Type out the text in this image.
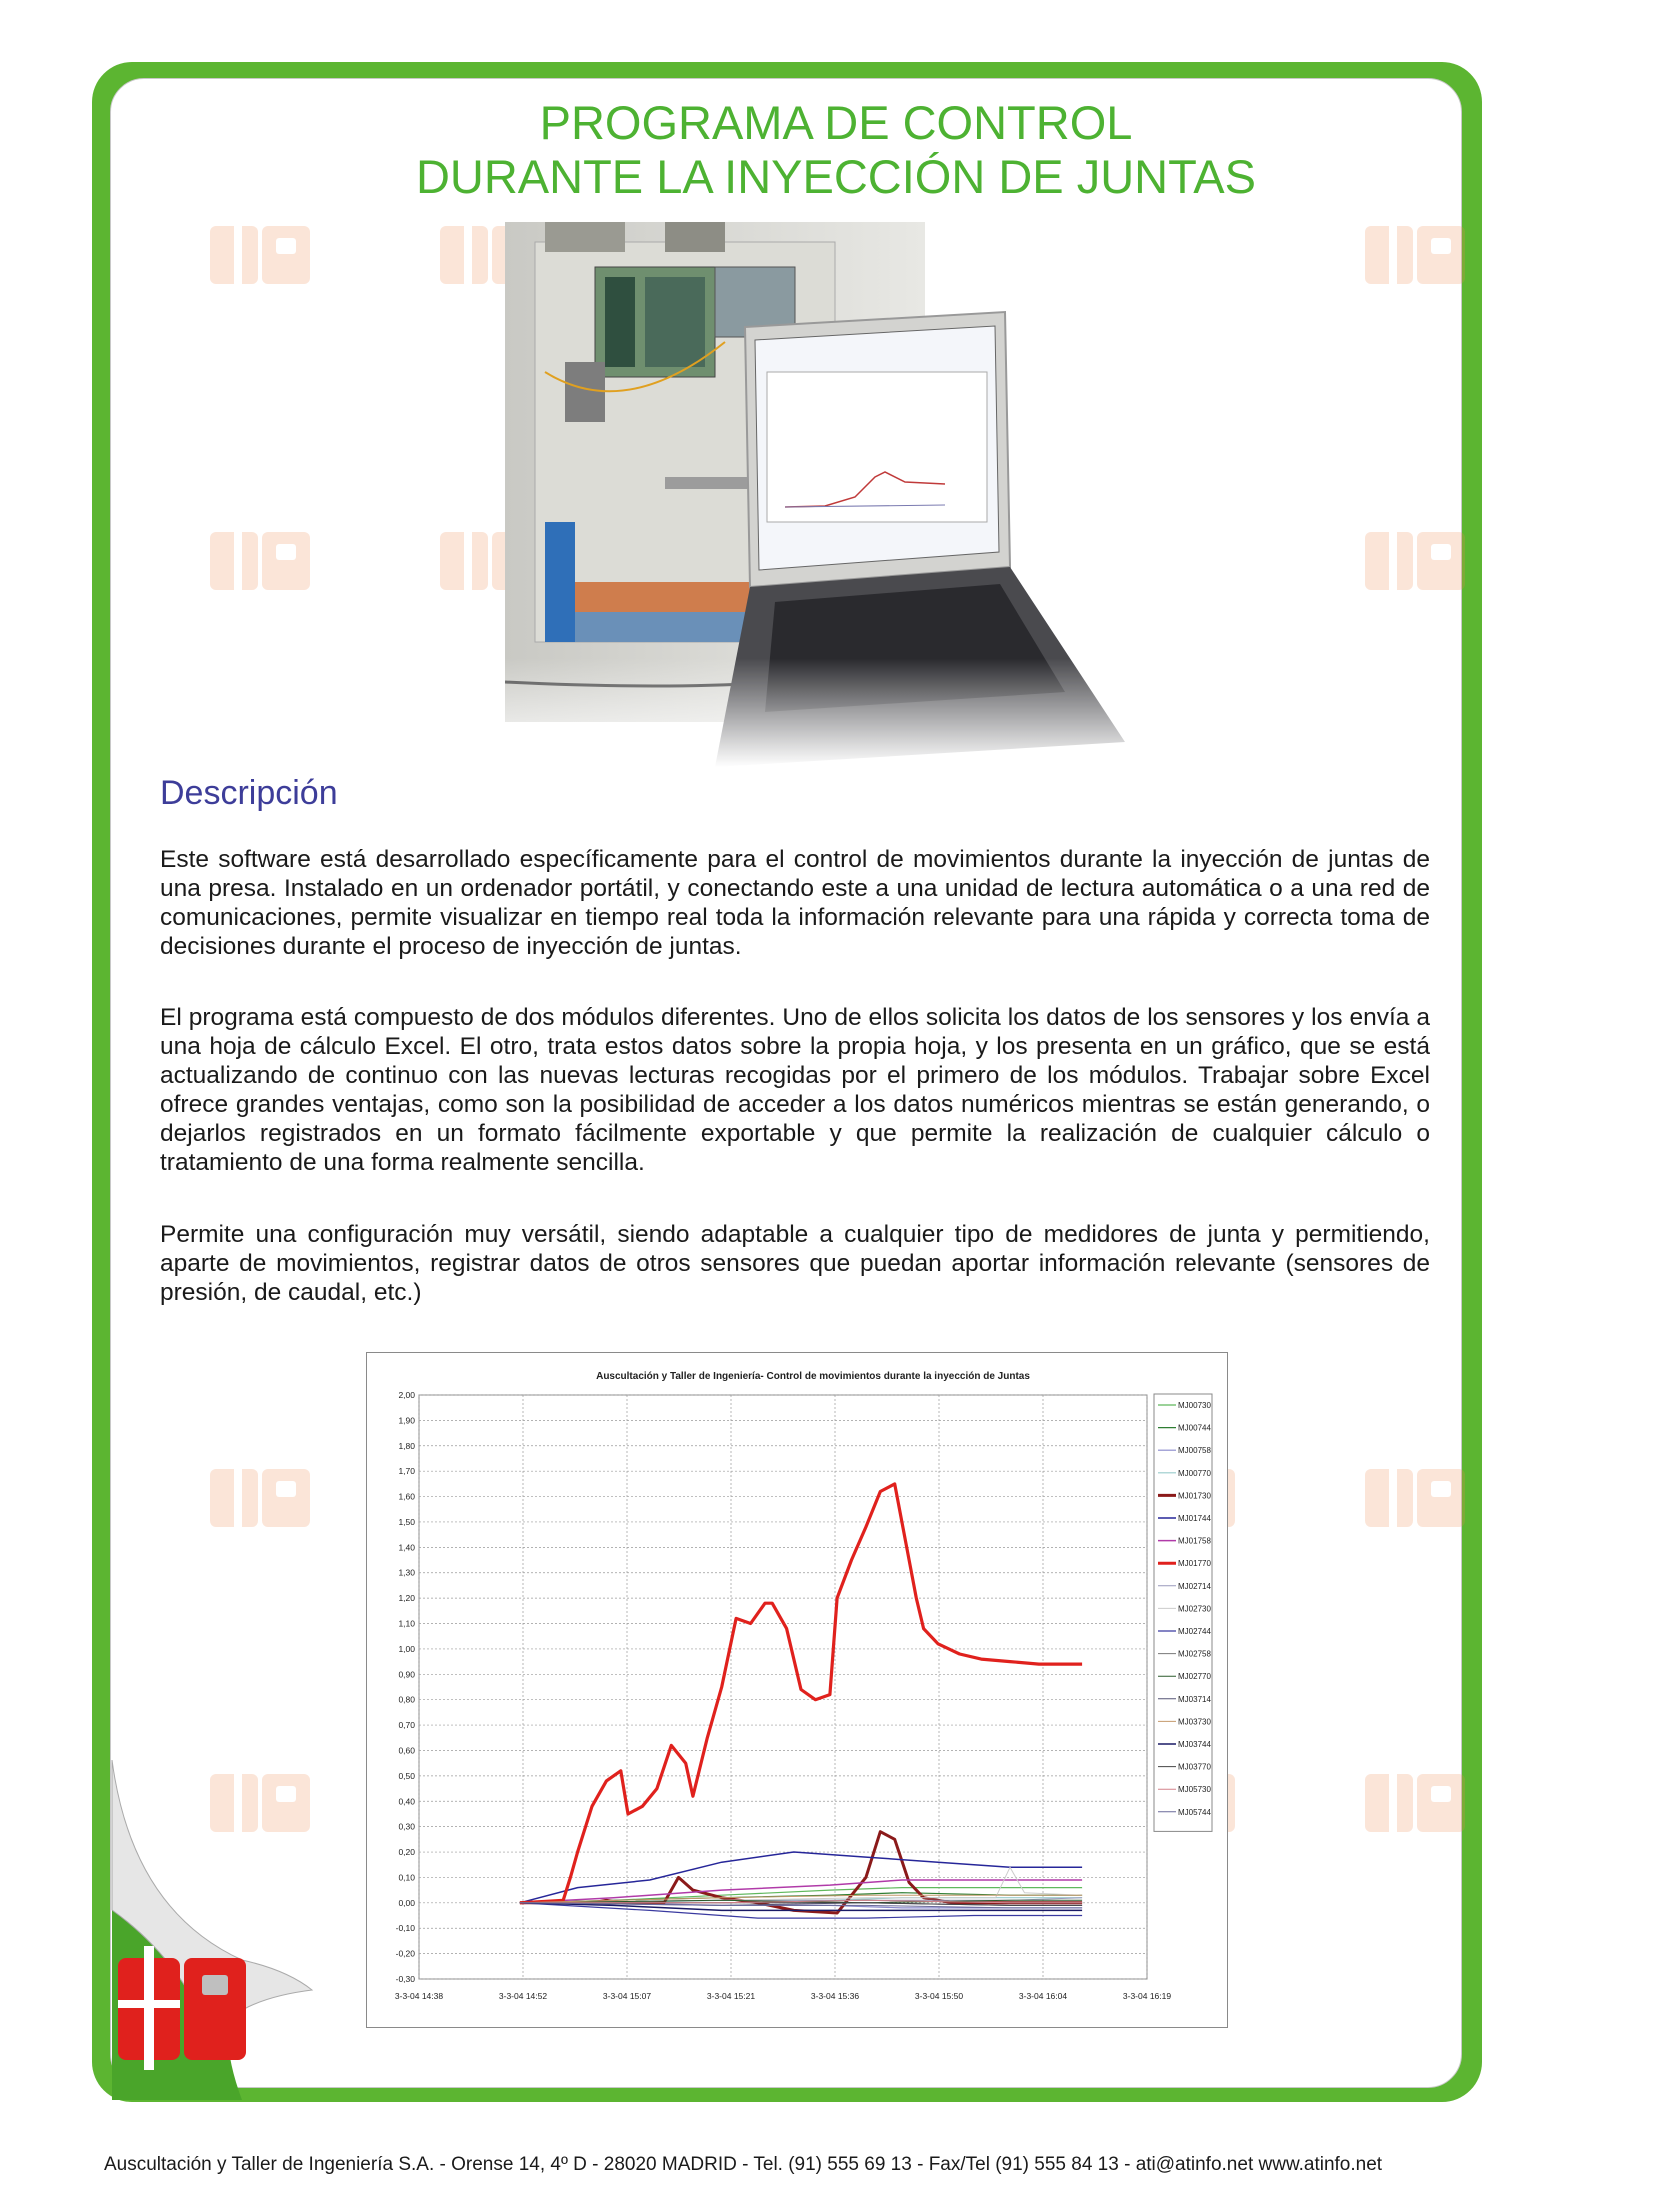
PROGRAMA DE CONTROL
DURANTE LA INYECCIÓN DE JUNTAS
Descripción
Este software está desarrollado específicamente para el control de movimientos durante la inyección de juntas de una presa. Instalado en un ordenador portátil, y conectando este a una unidad de lectura automática o a una red de comunicaciones, permite visualizar en tiempo real toda la información relevante para una rápida y correcta toma de decisiones durante el proceso de inyección de juntas.
El programa está compuesto de dos módulos diferentes. Uno de ellos solicita los datos de los sensores y los envía a una hoja de cálculo Excel. El otro, trata estos datos sobre la propia hoja, y los presenta en un gráfico, que se está actualizando de continuo con las nuevas lecturas recogidas por el primero de los módulos. Trabajar sobre Excel ofrece grandes ventajas, como son la posibilidad de acceder a los datos numéricos mientras se están generando, o dejarlos registrados en un formato fácilmente exportable y que permite la realización de cualquier cálculo o tratamiento de una forma realmente sencilla.
Permite una configuración muy versátil, siendo adaptable a cualquier tipo de medidores de junta y permitiendo, aparte de movimientos, registrar datos de otros sensores que puedan aportar información relevante (sensores de presión, de caudal, etc.)
Auscultación y Taller de Ingeniería- Control de movimientos durante la inyección de Juntas
2,00
1,90
1,80
1,70
1,60
1,50
1,40
1,30
1,20
1,10
1,00
0,90
0,80
0,70
0,60
0,50
0,40
0,30
0,20
0,10
0,00
-0,10
-0,20
-0,30
3-3-04 14:38	3-3-04 14:52	3-3-04 15:07	3-3-04 15:21	3-3-04 15:36	3-3-04 15:50	3-3-04 16:04	3-3-04 16:19
MJ00730
MJ00744
MJ00758
MJ00770
MJ01730
MJ01744
MJ01758
MJ01770
MJ02714
MJ02730
MJ02744
MJ02758
MJ02770
MJ03714
MJ03730
MJ03744
MJ03770
MJ05730
MJ05744
Auscultación y Taller de Ingeniería S.A. - Orense 14, 4º D - 28020 MADRID - Tel. (91) 555 69 13 - Fax/Tel (91) 555 84 13 - ati@atinfo.net www.atinfo.net
